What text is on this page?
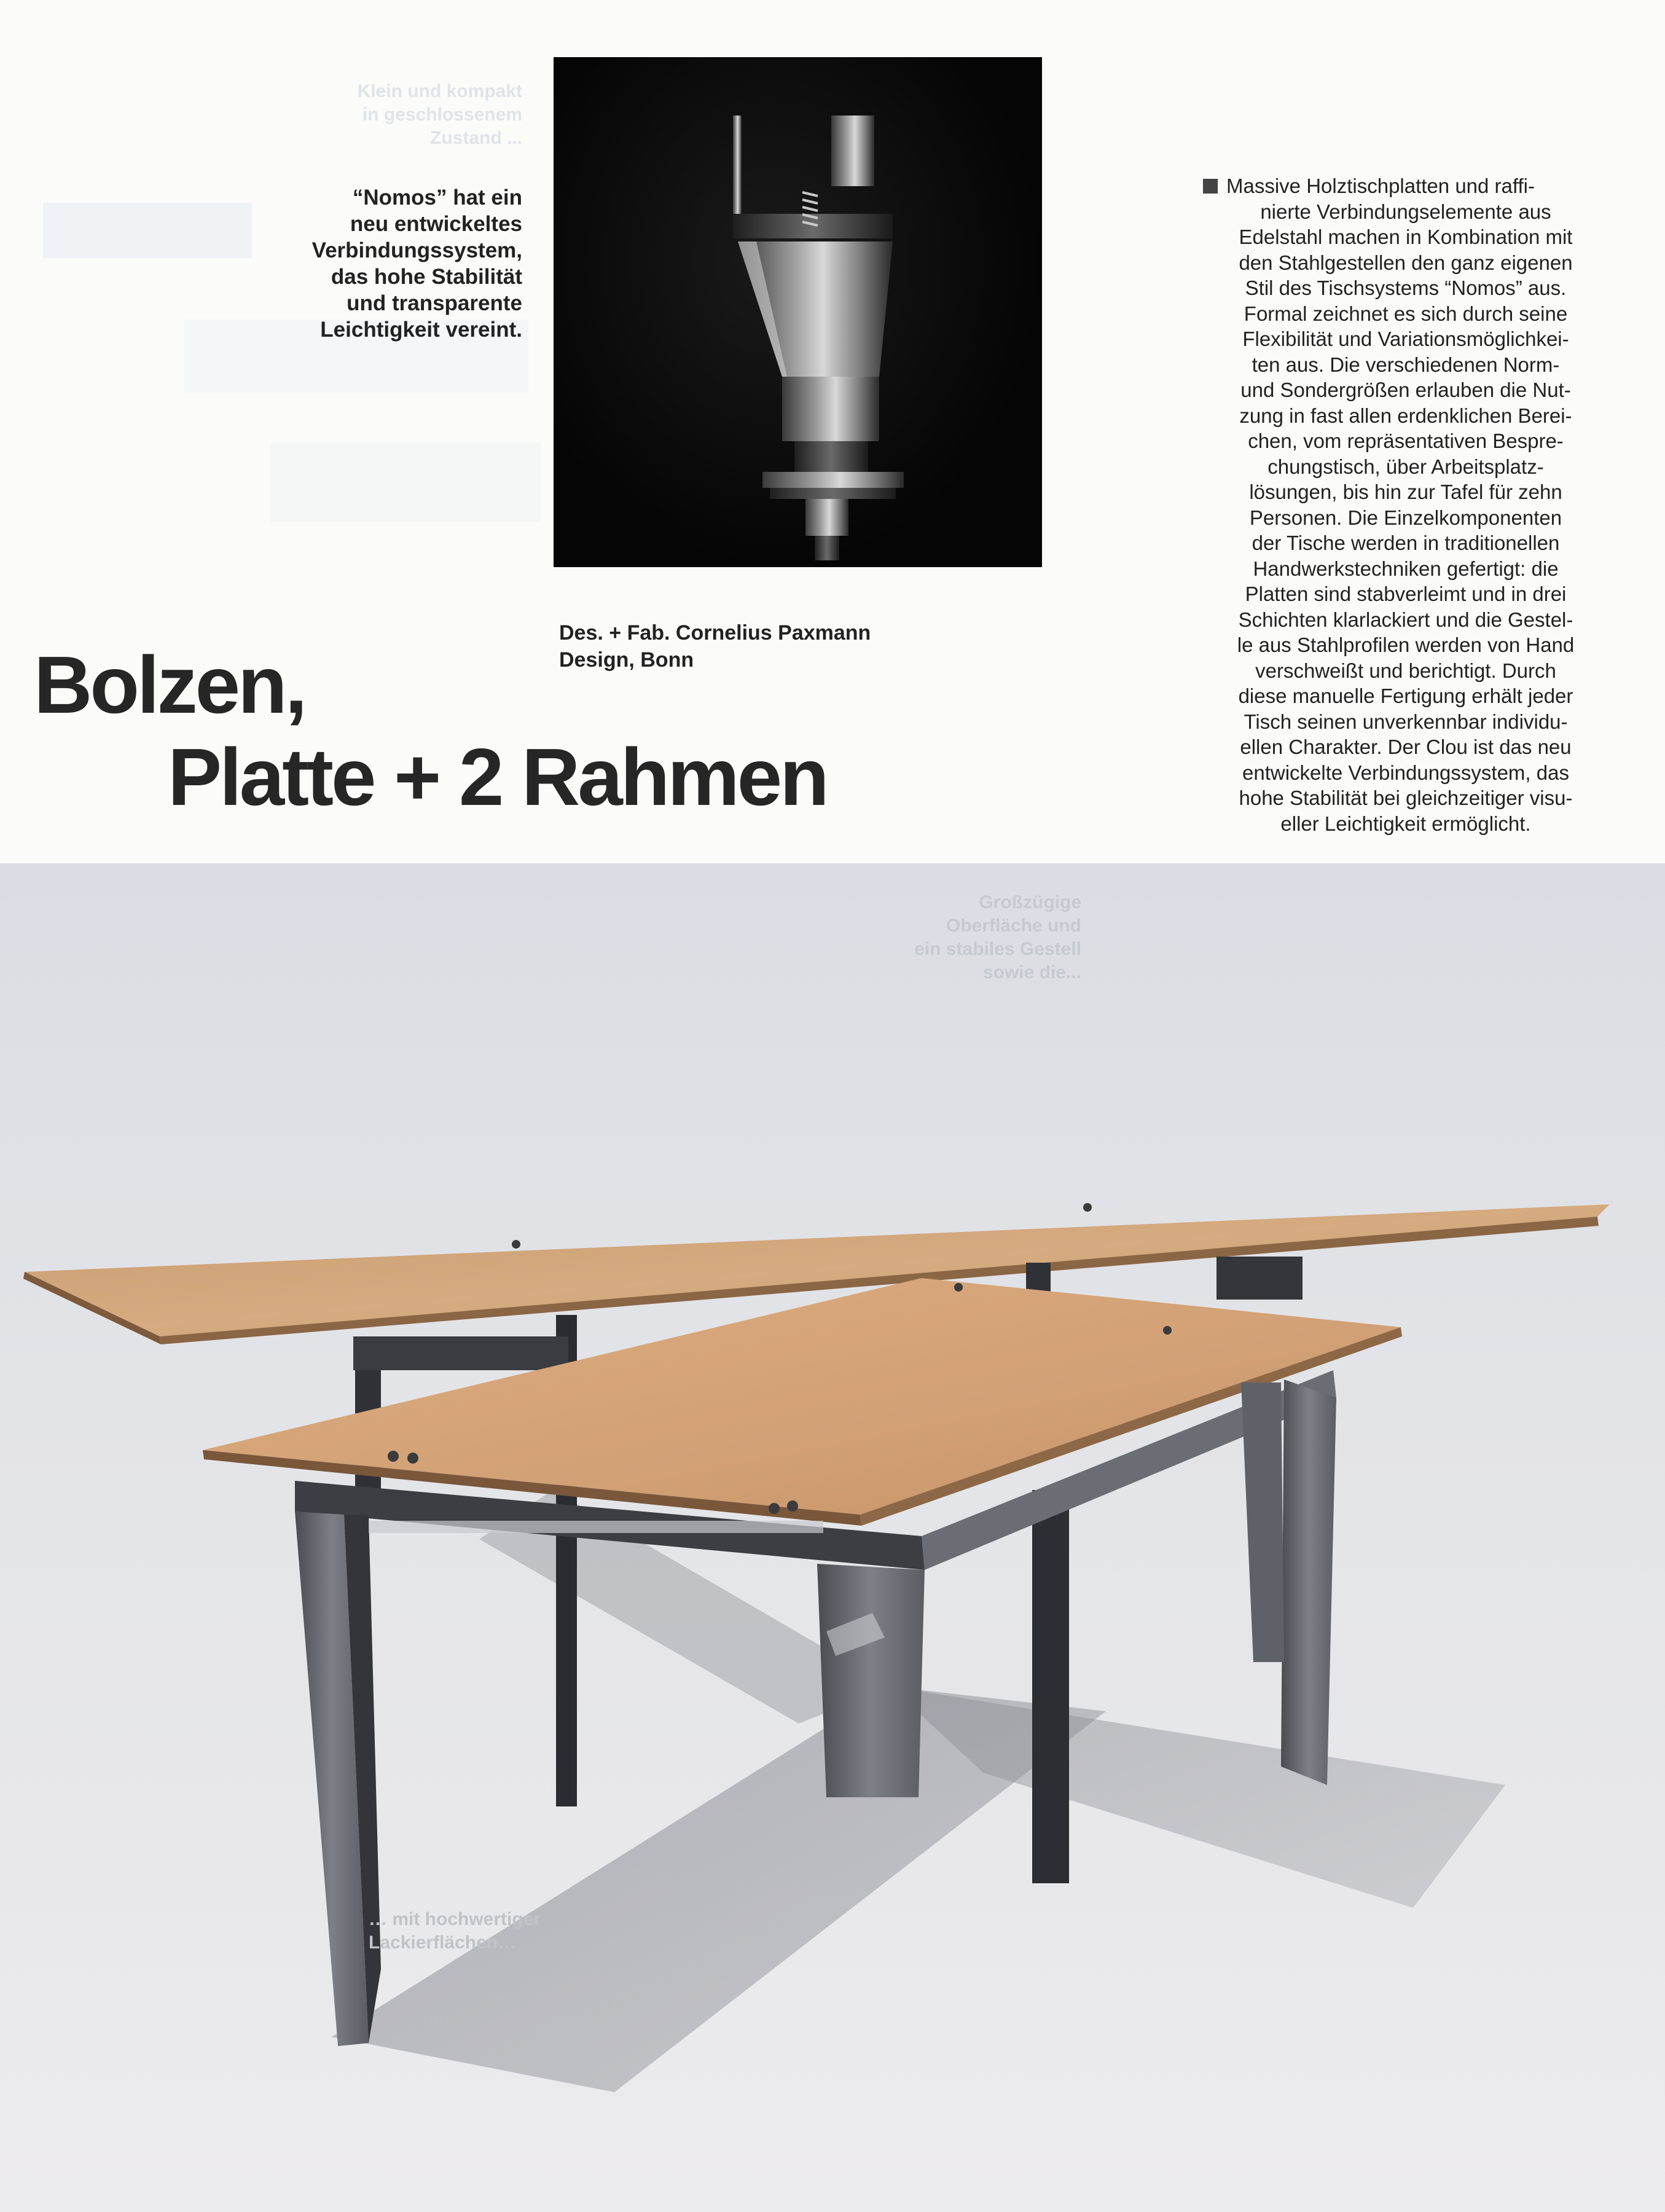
Klein und kompakt
in geschlossenem
Zustand ...
“Nomos” hat ein
neu entwickeltes
Verbindungssystem,
das hohe Stabilität
und transparente
Leichtigkeit vereint.
Des. + Fab. Cornelius Paxmann
Design, Bonn
Bolzen,
Platte + 2 Rahmen
Massive Holztischplatten und raffi-
nierte Verbindungselemente aus
Edelstahl machen in Kombination mit
den Stahlgestellen den ganz eigenen
Stil des Tischsystems “Nomos” aus.
Formal zeichnet es sich durch seine
Flexibilität und Variationsmöglichkei-
ten aus. Die verschiedenen Norm-
und Sondergrößen erlauben die Nut-
zung in fast allen erdenklichen Berei-
chen, vom repräsentativen Bespre-
chungstisch, über Arbeitsplatz-
lösungen, bis hin zur Tafel für zehn
Personen. Die Einzelkomponenten
der Tische werden in traditionellen
Handwerkstechniken gefertigt: die
Platten sind stabverleimt und in drei
Schichten klarlackiert und die Gestel-
le aus Stahlprofilen werden von Hand
verschweißt und berichtigt. Durch
diese manuelle Fertigung erhält jeder
Tisch seinen unverkennbar individu-
ellen Charakter. Der Clou ist das neu
entwickelte Verbindungssystem, das
hohe Stabilität bei gleichzeitiger visu-
eller Leichtigkeit ermöglicht.
Großzügige
Oberfläche und
ein stabiles Gestell
sowie die...
… mit hochwertiger
Lackierflächen…
